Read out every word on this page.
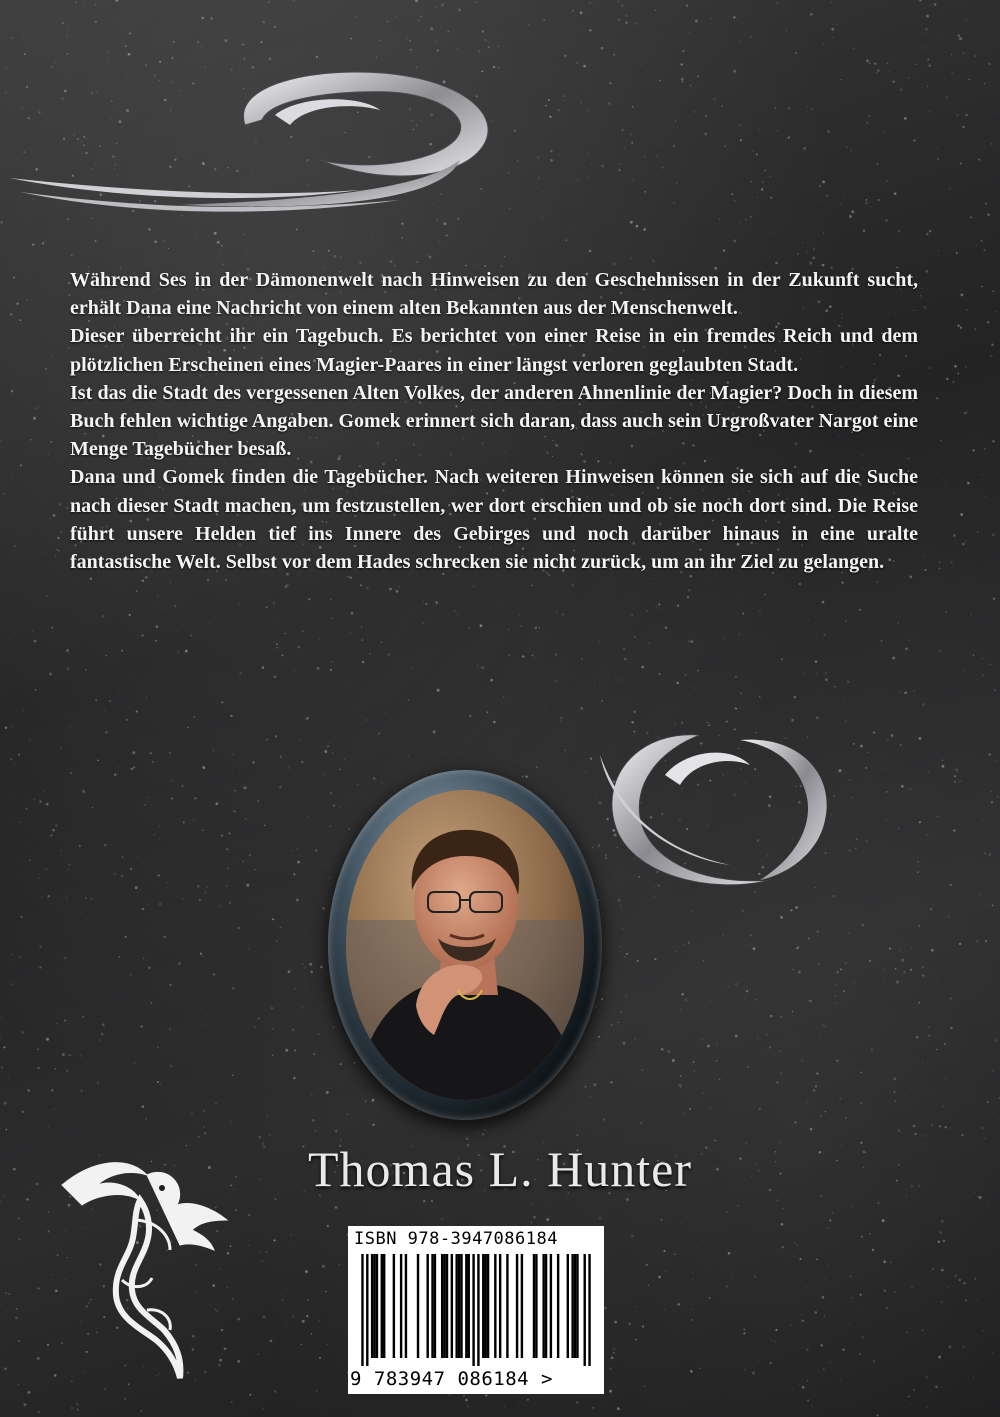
Während Ses in der Dämonenwelt nach Hinweisen zu den Geschehnissen in der Zukunft sucht, erhält Dana eine Nachricht von einem alten Bekannten aus der Menschenwelt.

Dieser überreicht ihr ein Tagebuch. Es berichtet von einer Reise in ein fremdes Reich und dem plötzlichen Erscheinen eines Magier-Paares in einer längst verloren geglaubten Stadt.

Ist das die Stadt des vergessenen Alten Volkes, der anderen Ahnenlinie der Magier? Doch in diesem Buch fehlen wichtige Angaben. Gomek erinnert sich daran, dass auch sein Urgroßvater Nargot eine Menge Tagebücher besaß.

Dana und Gomek finden die Tagebücher. Nach weiteren Hinweisen können sie sich auf die Suche nach dieser Stadt machen, um festzustellen, wer dort erschien und ob sie noch dort sind. Die Reise führt unsere Helden tief ins Innere des Gebirges und noch darüber hinaus in eine uralte fantastische Welt. Selbst vor dem Hades schrecken sie nicht zurück, um an ihr Ziel zu gelangen.

Thomas L. Hunter
ISBN 978-3947086184
9 783947 086184 >
